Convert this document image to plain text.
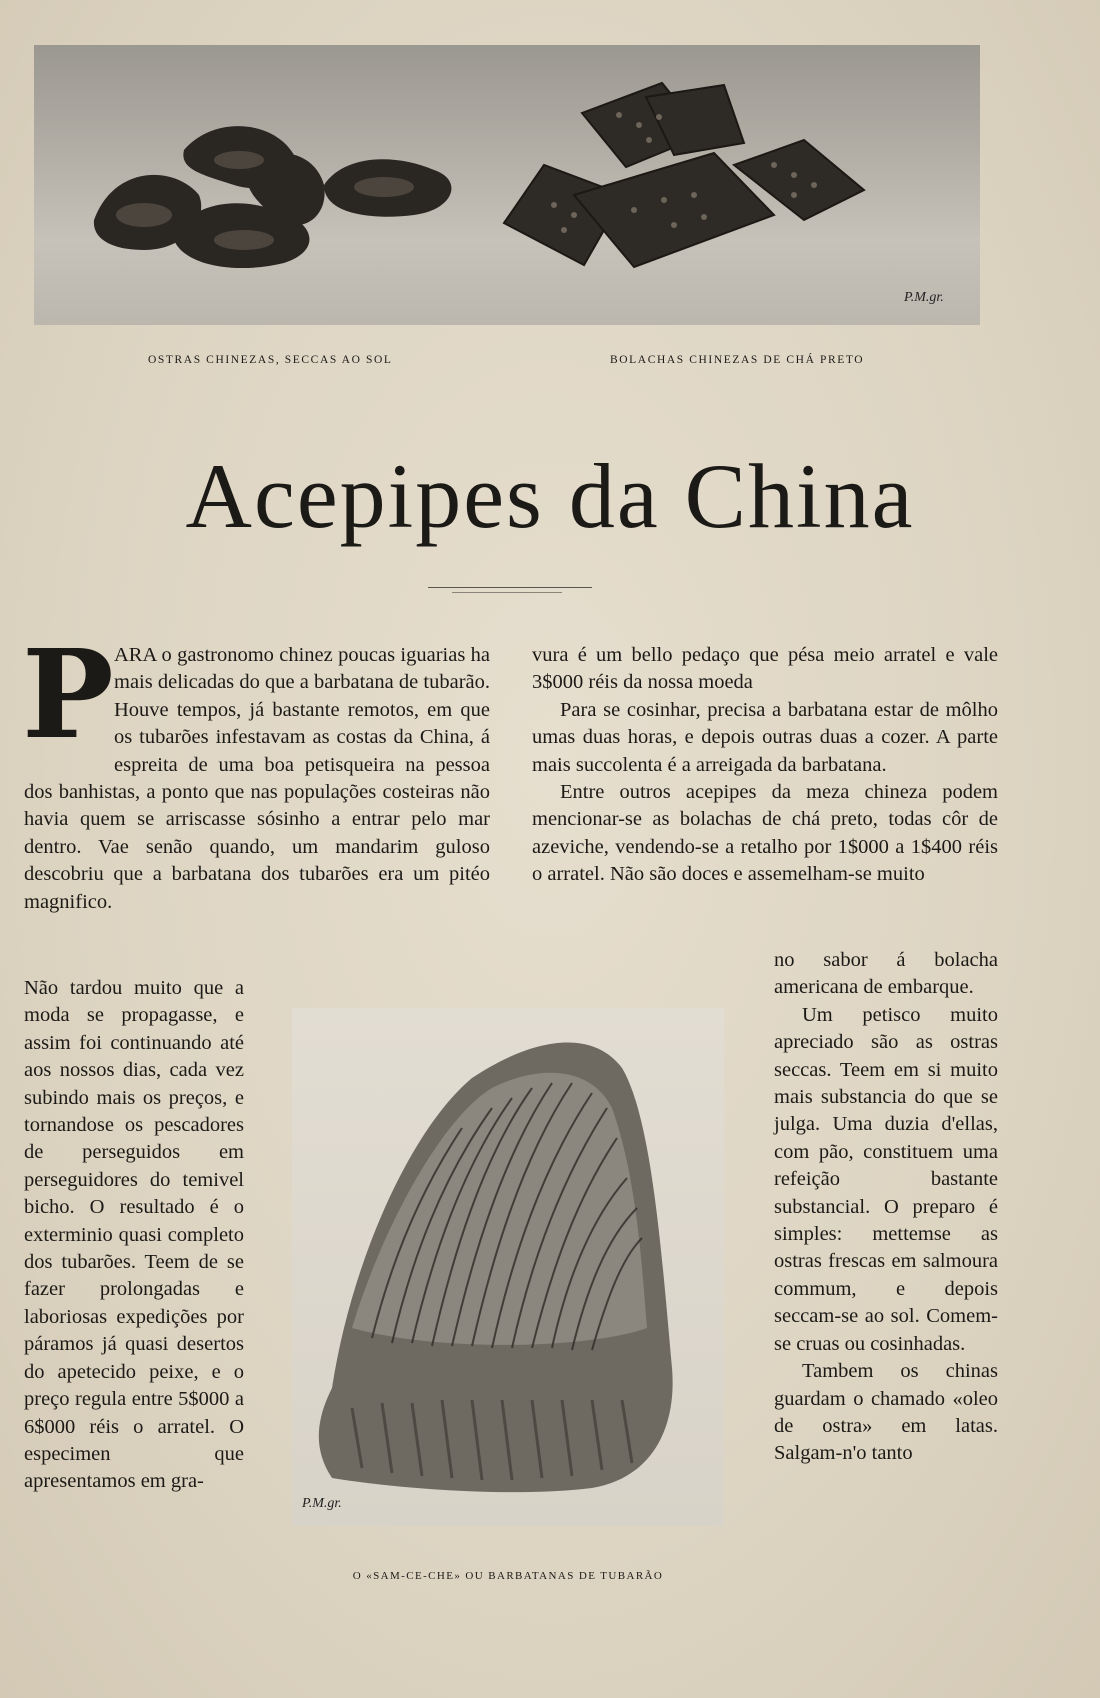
P.M.gr.
OSTRAS CHINEZAS, SECCAS AO SOL	BOLACHAS CHINEZAS DE CHÁ PRETO
Acepipes da China
P ARA o gastronomo chinez poucas iguarias ha mais delicadas do que a barbatana de tubarão. Houve tempos, já bastante remotos, em que os tubarões infestavam as costas da China, á espreita de uma boa petisqueira na pessoa dos banhistas, a ponto que nas populações costeiras não havia quem se arriscasse sósinho a entrar pelo mar dentro. Vae senão quando, um mandarim guloso descobriu que a barbatana dos tubarões era um pitéo magnifico.

Não tardou muito que a moda se propagasse, e assim foi continuando até aos nossos dias, cada vez subindo mais os preços, e tornandose os pescadores de perseguidos em perseguidores do temivel bicho. O resultado é o exterminio quasi completo dos tubarões. Teem de se fazer prolongadas e laboriosas expedições por páramos já quasi desertos do apetecido peixe, e o preço regula entre 5$000 a 6$000 réis o arratel. O especimen que apresentamos em gra-

vura é um bello pedaço que pésa meio arratel e vale 3$000 réis da nossa moeda

Para se cosinhar, precisa a barbatana estar de môlho umas duas horas, e depois outras duas a cozer. A parte mais succolenta é a arreigada da barbatana.

Entre outros acepipes da meza chineza podem mencionar-se as bolachas de chá preto, todas côr de azeviche, vendendo-se a retalho por 1$000 a 1$400 réis o arratel. Não são doces e assemelham-se muito

no sabor á bolacha americana de embarque.

Um petisco muito apreciado são as ostras seccas. Teem em si muito mais substancia do que se julga. Uma duzia d'ellas, com pão, constituem uma refeição bastante substancial. O preparo é simples: mettemse as ostras frescas em salmoura commum, e depois seccam-se ao sol. Comem-se cruas ou cosinhadas.

Tambem os chinas guardam o chamado «oleo de ostra» em latas. Salgam-n'o tanto

P.M.gr.
O «SAM-CE-CHE» OU BARBATANAS DE TUBARÃO
